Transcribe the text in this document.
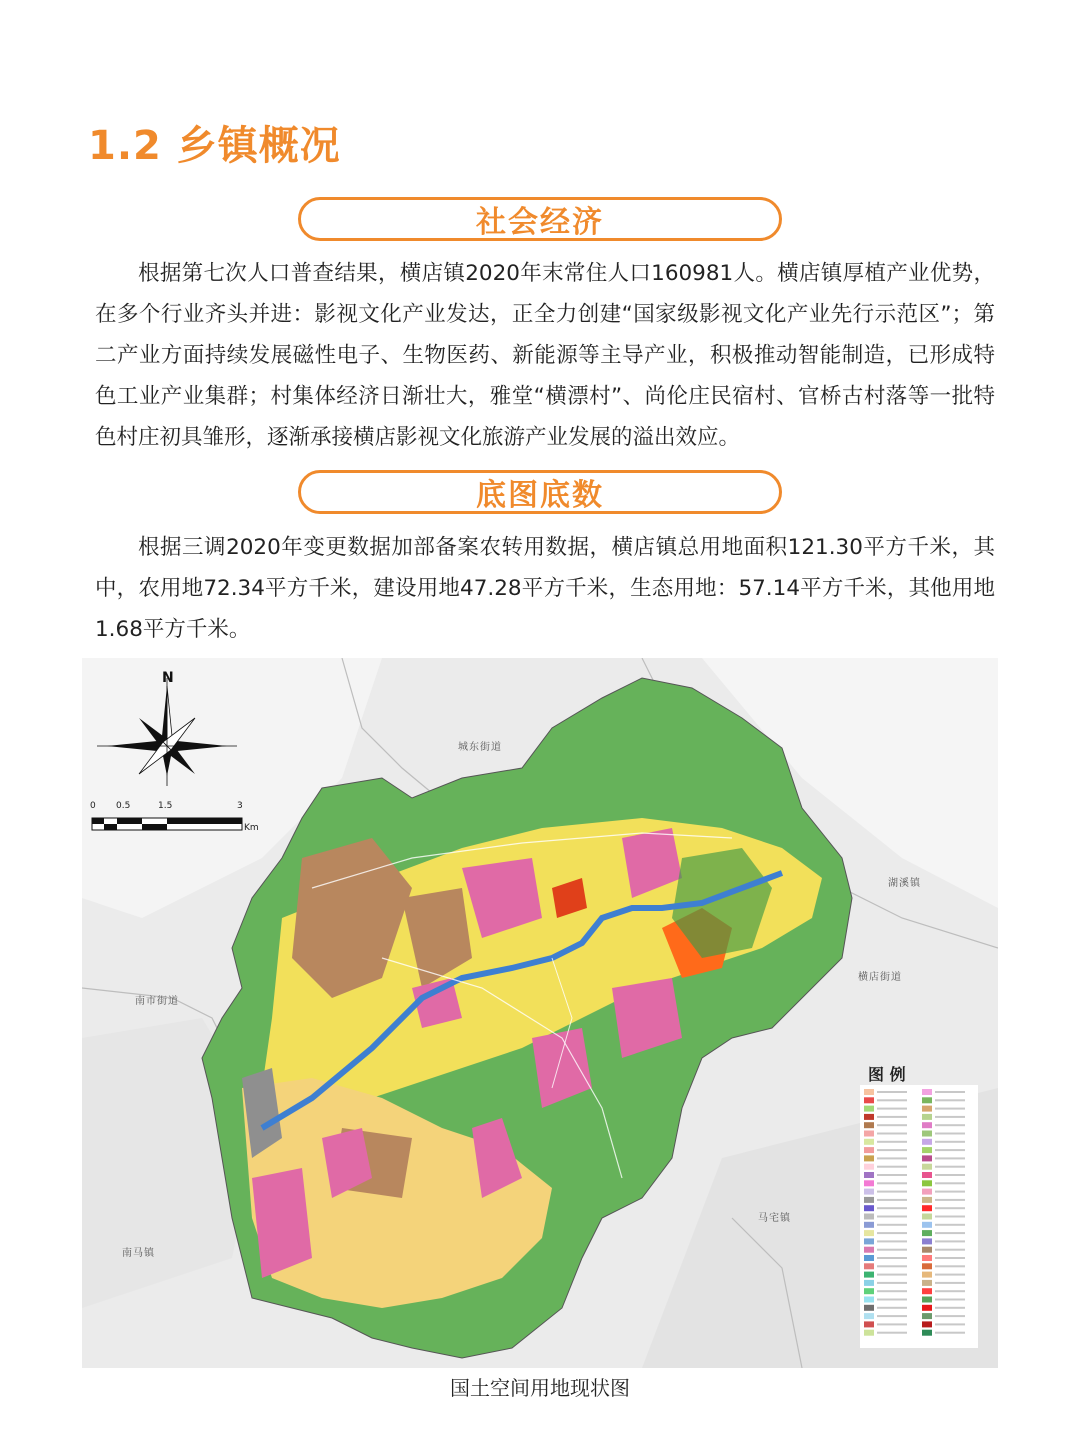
1.2 乡镇概况
社会经济

根据第七次人口普查结果，横店镇2020年末常住人口160981人。横店镇厚植产业优势，在多个行业齐头并进：影视文化产业发达，正全力创建“国家级影视文化产业先行示范区”；第二产业方面持续发展磁性电子、生物医药、新能源等主导产业，积极推动智能制造，已形成特色工业产业集群；村集体经济日渐壮大，雅堂“横漂村”、尚伦庄民宿村、官桥古村落等一批特色村庄初具雏形，逐渐承接横店影视文化旅游产业发展的溢出效应。

底图底数

根据三调2020年变更数据加部备案农转用数据，横店镇总用地面积121.30平方千米，其中，农用地72.34平方千米，建设用地47.28平方千米，生态用地：57.14平方千米，其他用地1.68平方千米。

N
0 0.5	1.5	3
Km
城东街道
湖溪镇
南市街道
马宅镇
南马镇
横店街道
图 例
国土空间用地现状图
